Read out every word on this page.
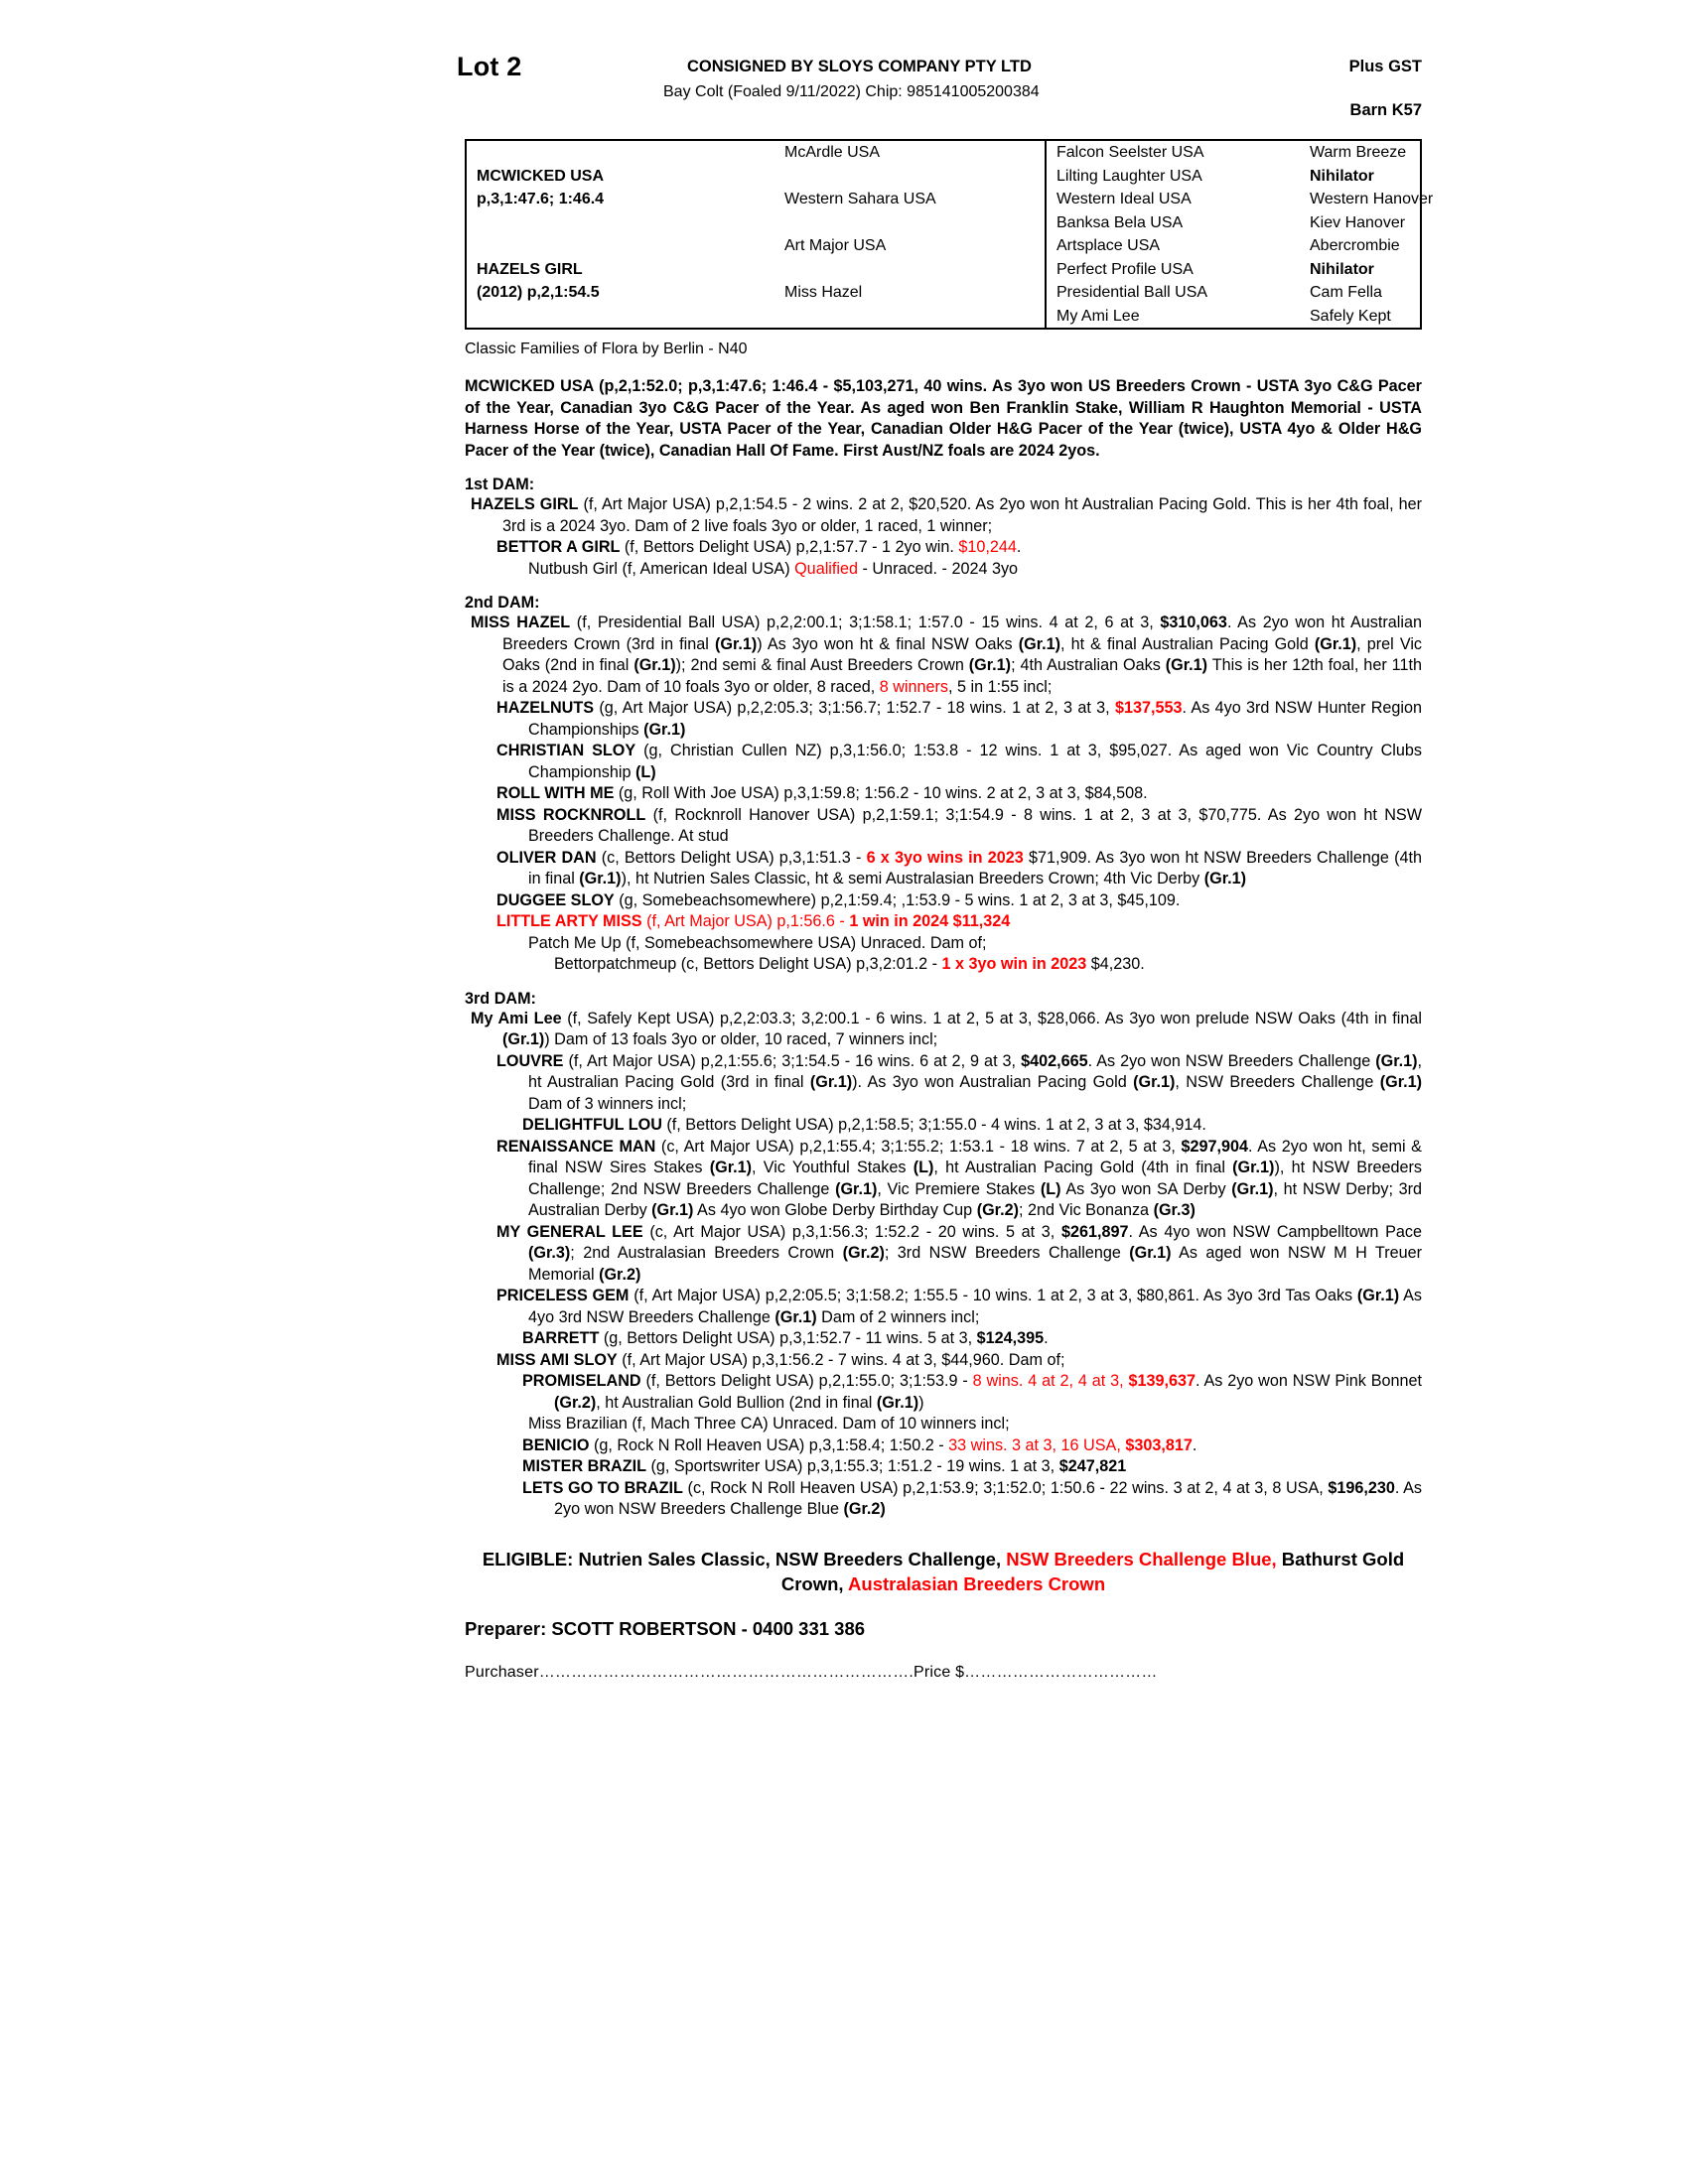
Lot 2	CONSIGNED BY SLOYS COMPANY PTY LTD	Plus GST
Bay Colt (Foaled 9/11/2022) Chip: 985141005200384
Barn K57
	McArdle USA	Falcon Seelster USA	Warm Breeze
MCWICKED USA		Lilting Laughter USA	Nihilator
p,3,1:47.6; 1:46.4	Western Sahara USA	Western Ideal USA	Western Hanover
		Banksa Bela USA	Kiev Hanover
	Art Major USA	Artsplace USA	Abercrombie
HAZELS GIRL		Perfect Profile USA	Nihilator
(2012) p,2,1:54.5	Miss Hazel	Presidential Ball USA	Cam Fella
		My Ami Lee	Safely Kept
Classic Families of Flora by Berlin - N40
MCWICKED USA (p,2,1:52.0; p,3,1:47.6; 1:46.4 - $5,103,271, 40 wins. As 3yo won US Breeders Crown - USTA 3yo C&G Pacer of the Year, Canadian 3yo C&G Pacer of the Year. As aged won Ben Franklin Stake, William R Haughton Memorial - USTA Harness Horse of the Year, USTA Pacer of the Year, Canadian Older H&G Pacer of the Year (twice), USTA 4yo & Older H&G Pacer of the Year (twice), Canadian Hall Of Fame. First Aust/NZ foals are 2024 2yos.
1st DAM:
HAZELS GIRL (f, Art Major USA) p,2,1:54.5 - 2 wins. 2 at 2, $20,520. As 2yo won ht Australian Pacing Gold. This is her 4th foal, her 3rd is a 2024 3yo. Dam of 2 live foals 3yo or older, 1 raced, 1 winner;
BETTOR A GIRL (f, Bettors Delight USA) p,2,1:57.7 - 1 2yo win. $10,244.
Nutbush Girl (f, American Ideal USA) Qualified - Unraced. - 2024 3yo
2nd DAM:
MISS HAZEL (f, Presidential Ball USA) p,2,2:00.1; 3;1:58.1; 1:57.0 - 15 wins. 4 at 2, 6 at 3, $310,063. As 2yo won ht Australian Breeders Crown (3rd in final (Gr.1)) As 3yo won ht & final NSW Oaks (Gr.1), ht & final Australian Pacing Gold (Gr.1), prel Vic Oaks (2nd in final (Gr.1)); 2nd semi & final Aust Breeders Crown (Gr.1); 4th Australian Oaks (Gr.1) This is her 12th foal, her 11th is a 2024 2yo. Dam of 10 foals 3yo or older, 8 raced, 8 winners, 5 in 1:55 incl;
HAZELNUTS (g, Art Major USA) p,2,2:05.3; 3;1:56.7; 1:52.7 - 18 wins. 1 at 2, 3 at 3, $137,553. As 4yo 3rd NSW Hunter Region Championships (Gr.1)
CHRISTIAN SLOY (g, Christian Cullen NZ) p,3,1:56.0; 1:53.8 - 12 wins. 1 at 3, $95,027. As aged won Vic Country Clubs Championship (L)
ROLL WITH ME (g, Roll With Joe USA) p,3,1:59.8; 1:56.2 - 10 wins. 2 at 2, 3 at 3, $84,508.
MISS ROCKNROLL (f, Rocknroll Hanover USA) p,2,1:59.1; 3;1:54.9 - 8 wins. 1 at 2, 3 at 3, $70,775. As 2yo won ht NSW Breeders Challenge. At stud
OLIVER DAN (c, Bettors Delight USA) p,3,1:51.3 - 6 x 3yo wins in 2023 $71,909. As 3yo won ht NSW Breeders Challenge (4th in final (Gr.1)), ht Nutrien Sales Classic, ht & semi Australasian Breeders Crown; 4th Vic Derby (Gr.1)
DUGGEE SLOY (g, Somebeachsomewhere) p,2,1:59.4; ,1:53.9 - 5 wins. 1 at 2, 3 at 3, $45,109.
LITTLE ARTY MISS (f, Art Major USA) p,1:56.6 - 1 win in 2024 $11,324
Patch Me Up (f, Somebeachsomewhere USA) Unraced. Dam of;
Bettorpatchmeup (c, Bettors Delight USA) p,3,2:01.2 - 1 x 3yo win in 2023 $4,230.
3rd DAM:
My Ami Lee (f, Safely Kept USA) p,2,2:03.3; 3,2:00.1 - 6 wins. 1 at 2, 5 at 3, $28,066. As 3yo won prelude NSW Oaks (4th in final (Gr.1)) Dam of 13 foals 3yo or older, 10 raced, 7 winners incl;
LOUVRE (f, Art Major USA) p,2,1:55.6; 3;1:54.5 - 16 wins. 6 at 2, 9 at 3, $402,665. As 2yo won NSW Breeders Challenge (Gr.1), ht Australian Pacing Gold (3rd in final (Gr.1)). As 3yo won Australian Pacing Gold (Gr.1), NSW Breeders Challenge (Gr.1) Dam of 3 winners incl;
DELIGHTFUL LOU (f, Bettors Delight USA) p,2,1:58.5; 3;1:55.0 - 4 wins. 1 at 2, 3 at 3, $34,914.
RENAISSANCE MAN (c, Art Major USA) p,2,1:55.4; 3;1:55.2; 1:53.1 - 18 wins. 7 at 2, 5 at 3, $297,904. As 2yo won ht, semi & final NSW Sires Stakes (Gr.1), Vic Youthful Stakes (L), ht Australian Pacing Gold (4th in final (Gr.1)), ht NSW Breeders Challenge; 2nd NSW Breeders Challenge (Gr.1), Vic Premiere Stakes (L) As 3yo won SA Derby (Gr.1), ht NSW Derby; 3rd Australian Derby (Gr.1) As 4yo won Globe Derby Birthday Cup (Gr.2); 2nd Vic Bonanza (Gr.3)
MY GENERAL LEE (c, Art Major USA) p,3,1:56.3; 1:52.2 - 20 wins. 5 at 3, $261,897. As 4yo won NSW Campbelltown Pace (Gr.3); 2nd Australasian Breeders Crown (Gr.2); 3rd NSW Breeders Challenge (Gr.1) As aged won NSW M H Treuer Memorial (Gr.2)
PRICELESS GEM (f, Art Major USA) p,2,2:05.5; 3;1:58.2; 1:55.5 - 10 wins. 1 at 2, 3 at 3, $80,861. As 3yo 3rd Tas Oaks (Gr.1) As 4yo 3rd NSW Breeders Challenge (Gr.1) Dam of 2 winners incl;
BARRETT (g, Bettors Delight USA) p,3,1:52.7 - 11 wins. 5 at 3, $124,395.
MISS AMI SLOY (f, Art Major USA) p,3,1:56.2 - 7 wins. 4 at 3, $44,960. Dam of;
PROMISELAND (f, Bettors Delight USA) p,2,1:55.0; 3;1:53.9 - 8 wins. 4 at 2, 4 at 3, $139,637. As 2yo won NSW Pink Bonnet (Gr.2), ht Australian Gold Bullion (2nd in final (Gr.1))
Miss Brazilian (f, Mach Three CA) Unraced. Dam of 10 winners incl;
BENICIO (g, Rock N Roll Heaven USA) p,3,1:58.4; 1:50.2 - 33 wins. 3 at 3, 16 USA, $303,817.
MISTER BRAZIL (g, Sportswriter USA) p,3,1:55.3; 1:51.2 - 19 wins. 1 at 3, $247,821
LETS GO TO BRAZIL (c, Rock N Roll Heaven USA) p,2,1:53.9; 3;1:52.0; 1:50.6 - 22 wins. 3 at 2, 4 at 3, 8 USA, $196,230. As 2yo won NSW Breeders Challenge Blue (Gr.2)
ELIGIBLE: Nutrien Sales Classic, NSW Breeders Challenge, NSW Breeders Challenge Blue, Bathurst Gold Crown, Australasian Breeders Crown
Preparer: SCOTT ROBERTSON - 0400 331 386
Purchaser…………………………………………………………….Price $………………………………
